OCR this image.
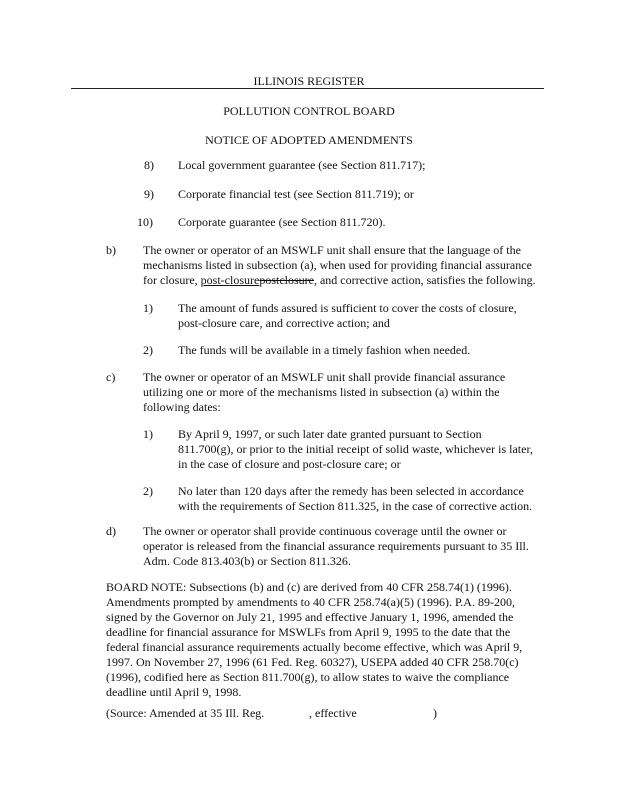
ILLINOIS REGISTER
POLLUTION CONTROL BOARD
NOTICE OF ADOPTED AMENDMENTS
8) Local government guarantee (see Section 811.717);
9) Corporate financial test (see Section 811.719); or
10) Corporate guarantee (see Section 811.720).
b) The owner or operator of an MSWLF unit shall ensure that the language of the
mechanisms listed in subsection (a), when used for providing financial assurance
for closure, post-closurepostclosure, and corrective action, satisfies the following.
1) The amount of funds assured is sufficient to cover the costs of closure,
post-closure care, and corrective action; and
2) The funds will be available in a timely fashion when needed.
c) The owner or operator of an MSWLF unit shall provide financial assurance
utilizing one or more of the mechanisms listed in subsection (a) within the
following dates:
1) By April 9, 1997, or such later date granted pursuant to Section
811.700(g), or prior to the initial receipt of solid waste, whichever is later,
in the case of closure and post-closure care; or
2) No later than 120 days after the remedy has been selected in accordance
with the requirements of Section 811.325, in the case of corrective action.
d) The owner or operator shall provide continuous coverage until the owner or
operator is released from the financial assurance requirements pursuant to 35 Ill.
Adm. Code 813.403(b) or Section 811.326.
BOARD NOTE: Subsections (b) and (c) are derived from 40 CFR 258.74(1) (1996).
Amendments prompted by amendments to 40 CFR 258.74(a)(5) (1996). P.A. 89-200,
signed by the Governor on July 21, 1995 and effective January 1, 1996, amended the
deadline for financial assurance for MSWLFs from April 9, 1995 to the date that the
federal financial assurance requirements actually become effective, which was April 9,
1997. On November 27, 1996 (61 Fed. Reg. 60327), USEPA added 40 CFR 258.70(c)
(1996), codified here as Section 811.700(g), to allow states to waive the compliance
deadline until April 9, 1998.
(Source: Amended at 35 Ill. Reg.	, effective	)
